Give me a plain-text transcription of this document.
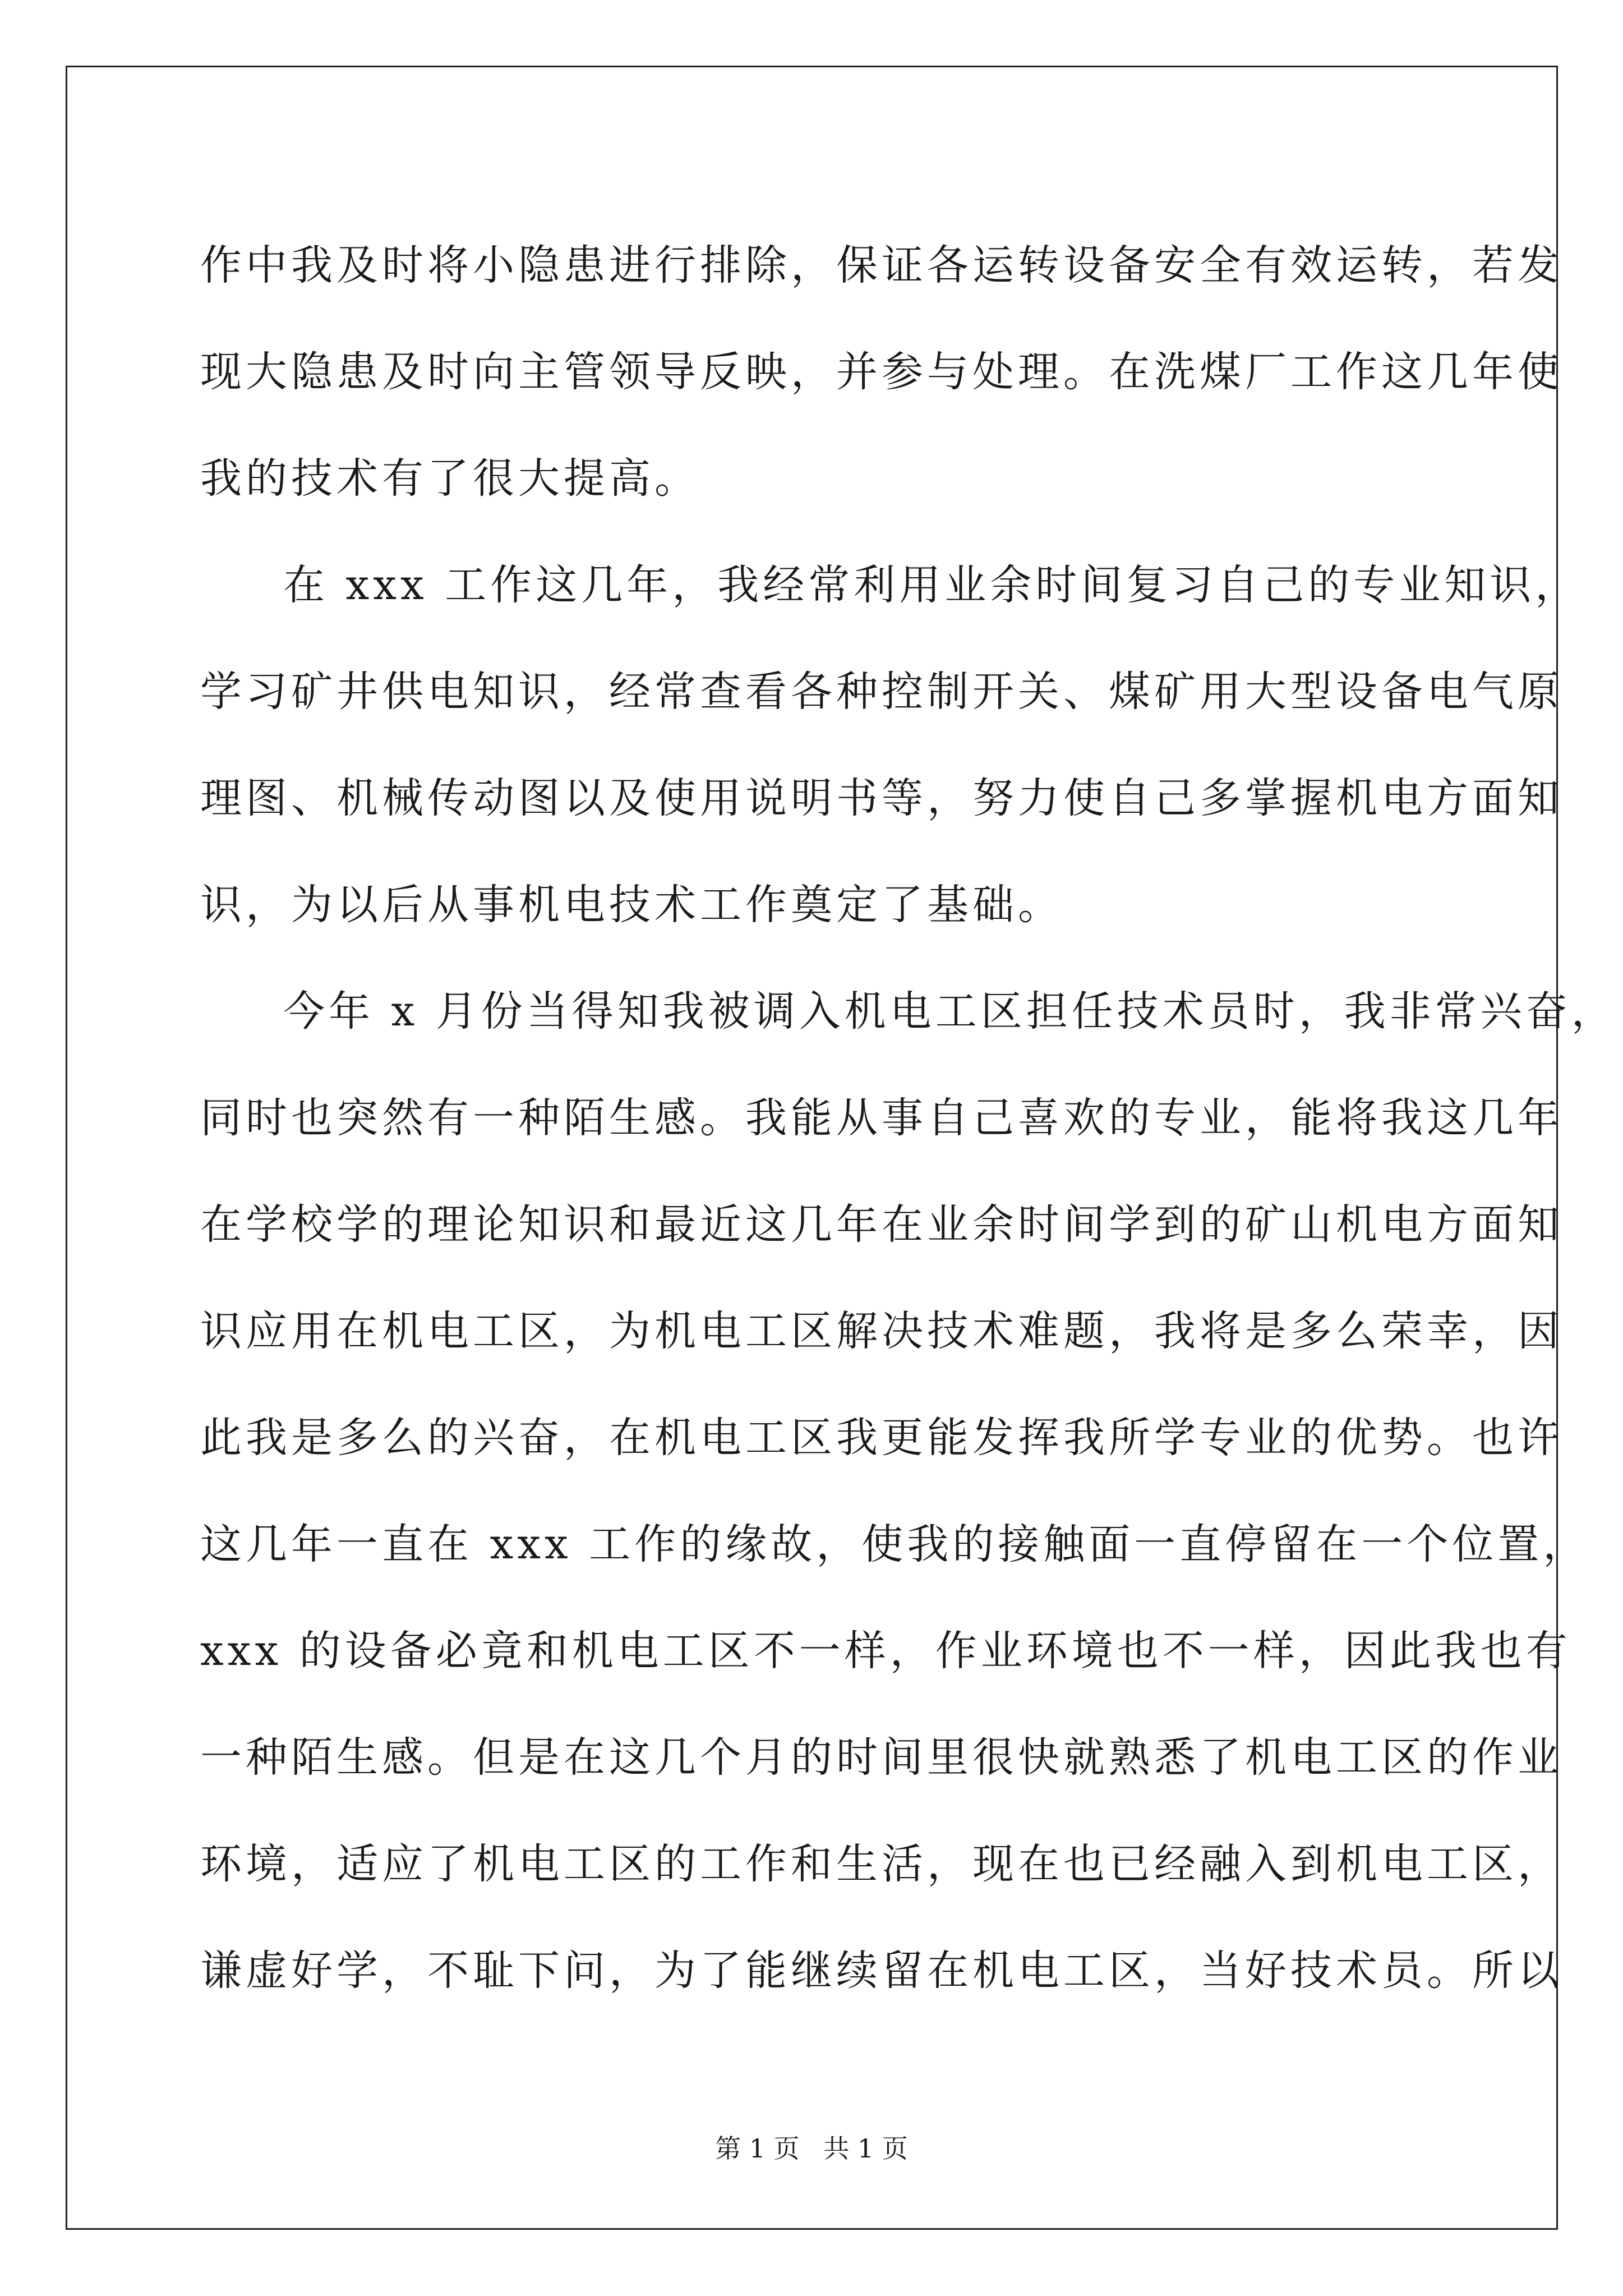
作中我及时将小隐患进行排除，保证各运转设备安全有效运转，若发
现大隐患及时向主管领导反映，并参与处理。在洗煤厂工作这几年使
我的技术有了很大提高。
在 xxx 工作这几年，我经常利用业余时间复习自己的专业知识，
学习矿井供电知识，经常查看各种控制开关、煤矿用大型设备电气原
理图、机械传动图以及使用说明书等，努力使自己多掌握机电方面知
识，为以后从事机电技术工作奠定了基础。
今年 x 月份当得知我被调入机电工区担任技术员时，我非常兴奋，
同时也突然有一种陌生感。我能从事自己喜欢的专业，能将我这几年
在学校学的理论知识和最近这几年在业余时间学到的矿山机电方面知
识应用在机电工区，为机电工区解决技术难题，我将是多么荣幸，因
此我是多么的兴奋，在机电工区我更能发挥我所学专业的优势。也许
这几年一直在 xxx 工作的缘故，使我的接触面一直停留在一个位置，
xxx 的设备必竟和机电工区不一样，作业环境也不一样，因此我也有
一种陌生感。但是在这几个月的时间里很快就熟悉了机电工区的作业
环境，适应了机电工区的工作和生活，现在也已经融入到机电工区，
谦虚好学，不耻下问，为了能继续留在机电工区，当好技术员。所以
第 1 页 共 1 页
